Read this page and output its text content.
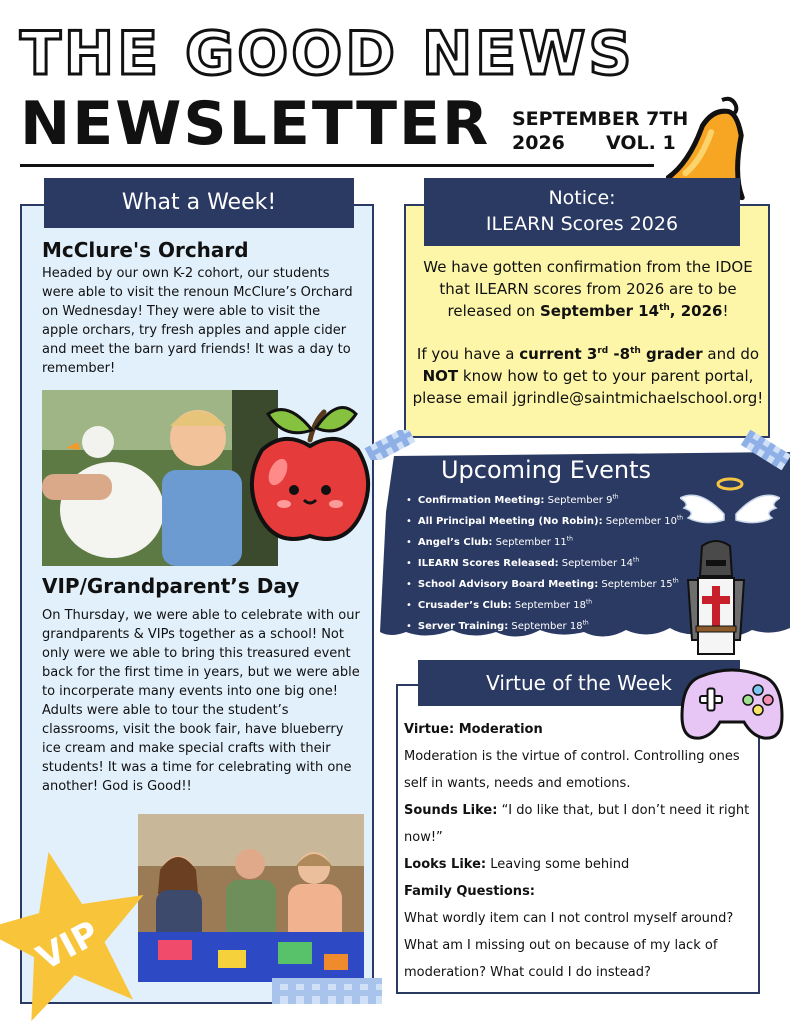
THE GOOD NEWS
NEWSLETTER SEPTEMBER 7TH
2026 VOL. 1
What a Week!
McClure's Orchard
Headed by our own K-2 cohort, our students were able to visit the renoun McClure’s Orchard on Wednesday! They were able to visit the apple orchars, try fresh apples and apple cider and meet the barn yard friends! It was a day to remember!
VIP/Grandparent’s Day
On Thursday, we were able to celebrate with our grandparents & VIPs together as a school! Not only were we able to bring this treasured event back for the first time in years, but we were able to incorperate many events into one big one! Adults were able to tour the student’s classrooms, visit the book fair, have blueberry ice cream and make special crafts with their students! It was a time for celebrating with one another! God is Good!!
VIP
Notice:
ILEARN Scores 2026

We have gotten confirmation from the IDOE that ILEARN scores from 2026 are to be released on September 14th, 2026!

If you have a current 3rd -8th grader and do NOT know how to get to your parent portal, please email jgrindle@saintmichaelschool.org!

Upcoming Events
• Confirmation Meeting: September 9th
• All Principal Meeting (No Robin): September 10th
• Angel’s Club: September 11th
• ILEARN Scores Released: September 14th
• School Advisory Board Meeting: September 15th
• Crusader’s Club: September 18th
• Server Training: September 18th
Virtue of the Week
Virtue: Moderation
Moderation is the virtue of control. Controlling ones self in wants, needs and emotions.
Sounds Like: “I do like that, but I don’t need it right now!”
Looks Like: Leaving some behind
Family Questions:
What wordly item can I not control myself around? What am I missing out on because of my lack of moderation? What could I do instead?
